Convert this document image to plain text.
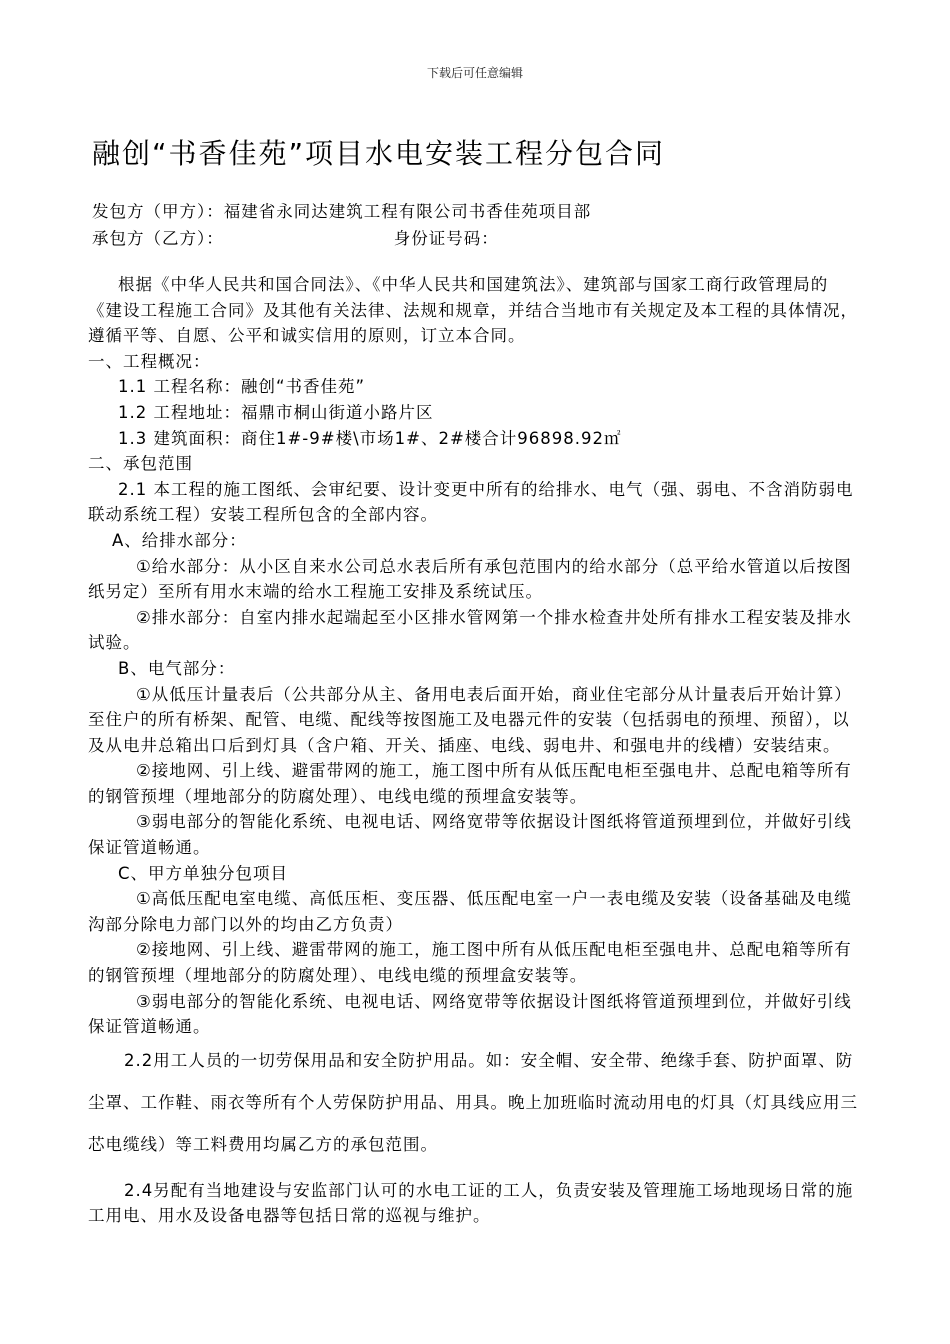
下载后可任意编辑
融创“书香佳苑”项目水电安装工程分包合同
发包方（甲方）：福建省永同达建筑工程有限公司书香佳苑项目部
承包方（乙方）：	身份证号码：

根据《中华人民共和国合同法》、《中华人民共和国建筑法》、建筑部与国家工商行政管理局的《建设工程施工合同》及其他有关法律、法规和规章，并结合当地市有关规定及本工程的具体情况，遵循平等、自愿、公平和诚实信用的原则，订立本合同。

一、工程概况：

1.1 工程名称：融创“书香佳苑”

1.2 工程地址：福鼎市桐山街道小路片区

1.3 建筑面积：商住1#-9#楼\市场1#、2#楼合计96898.92㎡

二、承包范围

2.1 本工程的施工图纸、会审纪要、设计变更中所有的给排水、电气（强、弱电、不含消防弱电联动系统工程）安装工程所包含的全部内容。

A、给排水部分：

①给水部分：从小区自来水公司总水表后所有承包范围内的给水部分（总平给水管道以后按图纸另定）至所有用水末端的给水工程施工安排及系统试压。

②排水部分：自室内排水起端起至小区排水管网第一个排水检查井处所有排水工程安装及排水试验。

B、电气部分：

①从低压计量表后（公共部分从主、备用电表后面开始，商业住宅部分从计量表后开始计算）至住户的所有桥架、配管、电缆、配线等按图施工及电器元件的安装（包括弱电的预埋、预留），以及从电井总箱出口后到灯具（含户箱、开关、插座、电线、弱电井、和强电井的线槽）安装结束。

②接地网、引上线、避雷带网的施工，施工图中所有从低压配电柜至强电井、总配电箱等所有的钢管预埋（埋地部分的防腐处理）、电线电缆的预埋盒安装等。

③弱电部分的智能化系统、电视电话、网络宽带等依据设计图纸将管道预埋到位，并做好引线保证管道畅通。

C、甲方单独分包项目

①高低压配电室电缆、高低压柜、变压器、低压配电室一户一表电缆及安装（设备基础及电缆沟部分除电力部门以外的均由乙方负责）

②接地网、引上线、避雷带网的施工，施工图中所有从低压配电柜至强电井、总配电箱等所有的钢管预埋（埋地部分的防腐处理）、电线电缆的预埋盒安装等。

③弱电部分的智能化系统、电视电话、网络宽带等依据设计图纸将管道预埋到位，并做好引线保证管道畅通。

2.2用工人员的一切劳保用品和安全防护用品。如：安全帽、安全带、绝缘手套、防护面罩、防尘罩、工作鞋、雨衣等所有个人劳保防护用品、用具。晚上加班临时流动用电的灯具（灯具线应用三芯电缆线）等工料费用均属乙方的承包范围。

2.4另配有当地建设与安监部门认可的水电工证的工人，负责安装及管理施工场地现场日常的施工用电、用水及设备电器等包括日常的巡视与维护。
